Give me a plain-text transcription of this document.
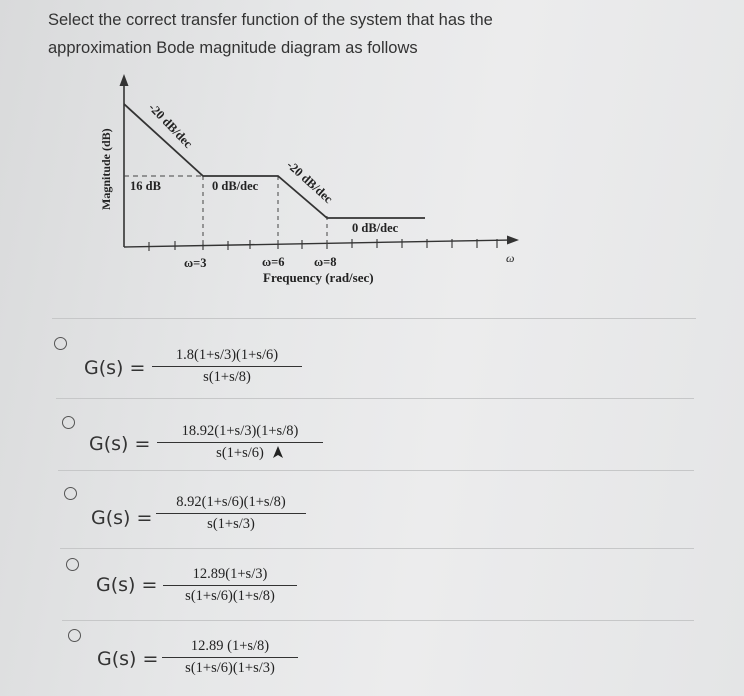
Select the correct transfer function of the system that has the
approximation Bode magnitude diagram as follows
Magnitude (dB)
-20 dB/dec
-20 dB/dec
16 dB	0 dB/dec
0 dB/dec
ω=3	ω=6 ω=8
Frequency (rad/sec)
ω
G(s) =
1.8(1+s/3)(1+s/6)
s(1+s/8)
G(s) =
18.92(1+s/3)(1+s/8)
s(1+s/6)
G(s) =
8.92(1+s/6)(1+s/8)
s(1+s/3)
G(s) =	12.89(1+s/3)
s(1+s/6)(1+s/8)
G(s) =
12.89 (1+s/8)
s(1+s/6)(1+s/3)
